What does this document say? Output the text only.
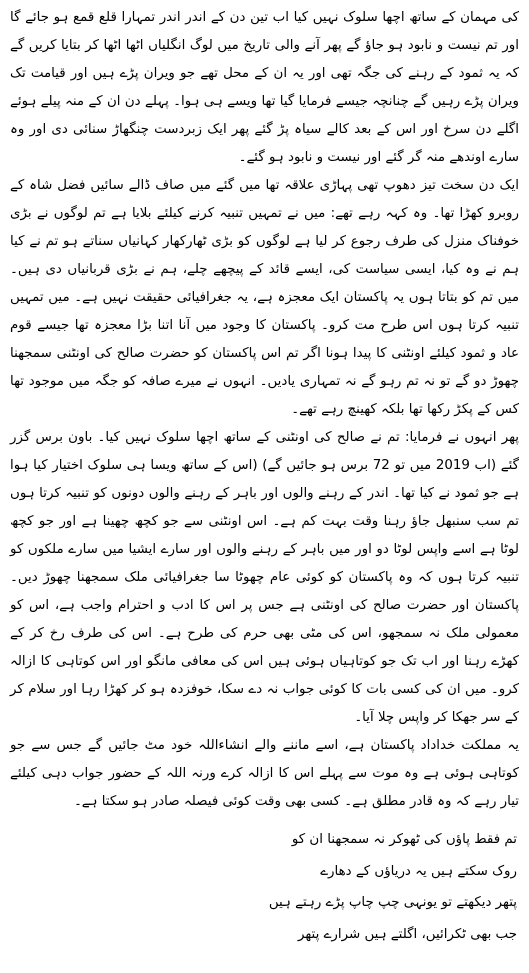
کی مہمان کے ساتھ اچھا سلوک نہیں کیا اب تین دن کے اندر اندر تمہارا قلع قمع ہو جائے گا اور تم نیست و نابود ہو جاؤ گے پھر آنے والی تاریخ میں لوگ انگلیاں اٹھا اٹھا کر بتایا کریں گے کہ یہ ثمود کے رہنے کی جگہ تھی اور یہ ان کے محل تھے جو ویران پڑے ہیں اور قیامت تک ویران پڑے رہیں گے چنانچہ جیسے فرمایا گیا تھا ویسے ہی ہوا۔ پہلے دن ان کے منہ پیلے ہوئے اگلے دن سرخ اور اس کے بعد کالے سیاہ پڑ گئے پھر ایک زبردست چنگھاڑ سنائی دی اور وہ سارے اوندھے منہ گر گئے اور نیست و نابود ہو گئے۔

ایک دن سخت تیز دھوپ تھی پہاڑی علاقہ تھا میں گئے میں صاف ڈالے سائیں فضل شاہ کے روبرو کھڑا تھا۔ وہ کہہ رہے تھے: میں نے تمہیں تنبیہ کرنے کیلئے بلایا ہے تم لوگوں نے بڑی خوفناک منزل کی طرف رجوع کر لیا ہے لوگوں کو بڑی ٹھارکھار کہانیاں سناتے ہو تم نے کیا ہم نے وہ کیا، ایسی سیاست کی، ایسے قائد کے پیچھے چلے، ہم نے بڑی قربانیاں دی ہیں۔ میں تم کو بتاتا ہوں یہ پاکستان ایک معجزہ ہے، یہ جغرافیائی حقیقت نہیں ہے۔ میں تمہیں تنبیہ کرتا ہوں اس طرح مت کرو۔ پاکستان کا وجود میں آنا اتنا بڑا معجزہ تھا جیسے قوم عاد و ثمود کیلئے اونٹنی کا پیدا ہونا اگر تم اس پاکستان کو حضرت صالح کی اونٹنی سمجھنا چھوڑ دو گے تو نہ تم رہو گے نہ تمہاری یادیں۔ انہوں نے میرے صافہ کو جگہ میں موجود تھا کس کے پکڑ رکھا تھا بلکہ کھینچ رہے تھے۔

پھر انہوں نے فرمایا: تم نے صالح کی اونٹنی کے ساتھ اچھا سلوک نہیں کیا۔ باون برس گزر گئے (اب 2019 میں تو 72 برس ہو جائیں گے) (اس کے ساتھ ویسا ہی سلوک اختیار کیا ہوا ہے جو ثمود نے کیا تھا۔ اندر کے رہنے والوں اور باہر کے رہنے والوں دونوں کو تنبیہ کرتا ہوں تم سب سنبھل جاؤ رہنا وقت بہت کم ہے۔ اس اونٹنی سے جو کچھ چھینا ہے اور جو کچھ لوٹا ہے اسے واپس لوٹا دو اور میں باہر کے رہنے والوں اور سارے ایشیا میں سارے ملکوں کو تنبیہ کرتا ہوں کہ وہ پاکستان کو کوئی عام چھوٹا سا جغرافیائی ملک سمجھنا چھوڑ دیں۔ پاکستان اور حضرت صالح کی اونٹنی ہے جس پر اس کا ادب و احترام واجب ہے، اس کو معمولی ملک نہ سمجھو، اس کی مٹی بھی حرم کی طرح ہے۔ اس کی طرف رخ کر کے کھڑے رہنا اور اب تک جو کوتاہیاں ہوئی ہیں اس کی معافی مانگو اور اس کوتاہی کا ازالہ کرو۔ میں ان کی کسی بات کا کوئی جواب نہ دے سکا، خوفزدہ ہو کر کھڑا رہا اور سلام کر کے سر جھکا کر واپس چلا آیا۔

یہ مملکت خداداد پاکستان ہے، اسے ماننے والے انشاءاللہ خود مٹ جائیں گے جس سے جو کوتاہی ہوئی ہے وہ موت سے پہلے اس کا ازالہ کرے ورنہ اللہ کے حضور جواب دہی کیلئے تیار رہے کہ وہ قادر مطلق ہے۔ کسی بھی وقت کوئی فیصلہ صادر ہو سکتا ہے۔

تم فقط پاؤں کی ٹھوکر نہ سمجھنا ان کو
روک سکتے ہیں یہ دریاؤں کے دھارے
پتھر دیکھتے تو یونہی چپ چاپ پڑے رہتے ہیں
جب بھی ٹکرائیں، اگلتے ہیں شرارے پتھر
